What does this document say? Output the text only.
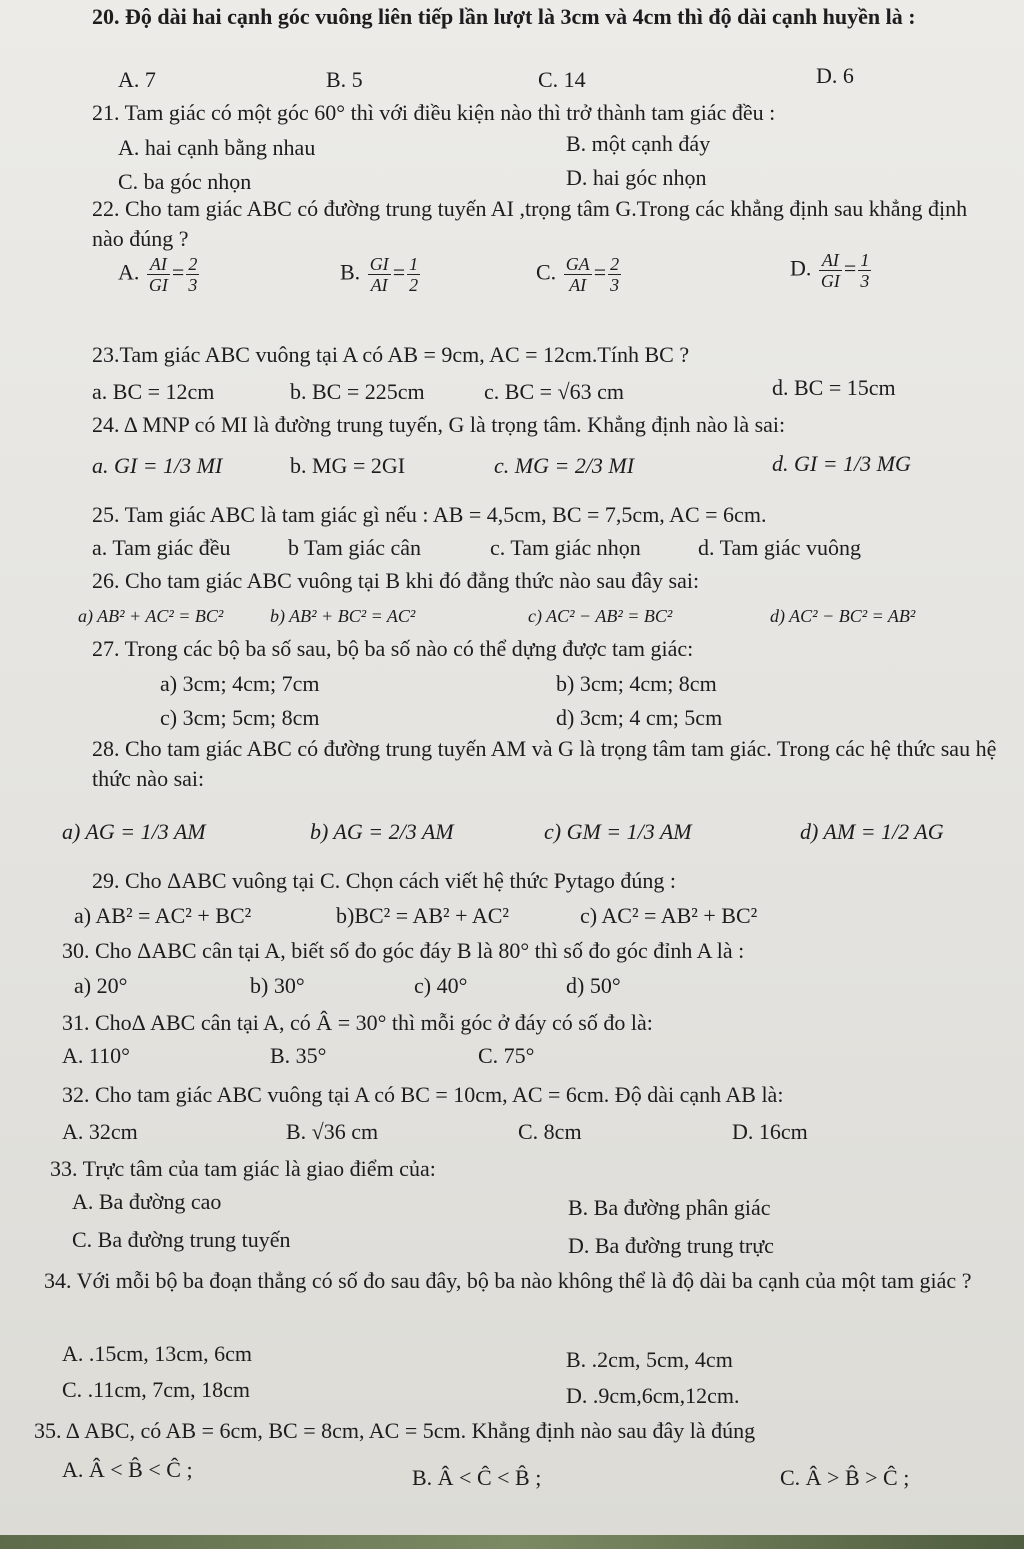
20. Độ dài hai cạnh góc vuông liên tiếp lần lượt là 3cm và 4cm thì độ dài cạnh huyền là :
A. 7	B. 5	C. 14	D. 6
21. Tam giác có một góc 60° thì với điều kiện nào thì trở thành tam giác đều :
A. hai cạnh bằng nhau	B. một cạnh đáy
C. ba góc nhọn	D. hai góc nhọn
22. Cho tam giác ABC có đường trung tuyến AI ,trọng tâm G.Trong các khẳng định sau khẳng định nào đúng ?
A. $\frac{AI}{GI} = \frac{2}{3}$	B. $\frac{GI}{AI} = \frac{1}{2}$	C. $\frac{GA}{AI} = \frac{2}{3}$	D. $\frac{AI}{GI} = \frac{1}{3}$
23.Tam giác ABC vuông tại A có AB = 9cm, AC = 12cm.Tính BC ?
a. BC = 12cm	b. BC = 225cm	c. BC = √63 cm	d. BC = 15cm
24. Δ MNP có MI là đường trung tuyến, G là trọng tâm. Khẳng định nào là sai:
a. GI = 1/3 MI	b. MG = 2GI	c. MG = 2/3 MI	d. GI = 1/3 MG
25. Tam giác ABC là tam giác gì nếu : AB = 4,5cm, BC = 7,5cm, AC = 6cm.
a. Tam giác đều	b Tam giác cân	c. Tam giác nhọn	d. Tam giác vuông
26. Cho tam giác ABC vuông tại B khi đó đẳng thức nào sau đây sai:
a) AB² + AC² = BC²	b) AB² + BC² = AC²	c) AC² − AB² = BC²	d) AC² − BC² = AB²
27. Trong các bộ ba số sau, bộ ba số nào có thể dựng được tam giác:
a) 3cm; 4cm; 7cm	b) 3cm; 4cm; 8cm
c) 3cm; 5cm; 8cm	d) 3cm; 4 cm; 5cm
28. Cho tam giác ABC có đường trung tuyến AM và G là trọng tâm tam giác. Trong các hệ thức sau hệ thức nào sai:
a) AG = 1/3 AM	b) AG = 2/3 AM	c) GM = 1/3 AM	d) AM = 1/2 AG
29. Cho ΔABC vuông tại C. Chọn cách viết hệ thức Pytago đúng :
a) AB² = AC² + BC²	b)BC² = AB² + AC²	c) AC² = AB² + BC²
30. Cho ΔABC cân tại A, biết số đo góc đáy B là 80° thì số đo góc đỉnh A là :
a) 20°	b) 30°	c) 40°	d) 50°
31. ChoΔ ABC cân tại A, có Â = 30° thì mỗi góc ở đáy có số đo là:
A. 110°	B. 35°	C. 75°
32. Cho tam giác ABC vuông tại A có BC = 10cm, AC = 6cm. Độ dài cạnh AB là:
A. 32cm	B. √36 cm	C. 8cm	D. 16cm
33. Trực tâm của tam giác là giao điểm của:
A. Ba đường cao	B. Ba đường phân giác
C. Ba đường trung tuyến	D. Ba đường trung trực
34. Với mỗi bộ ba đoạn thẳng có số đo sau đây, bộ ba nào không thể là độ dài ba cạnh của một tam giác ?
A. .15cm, 13cm, 6cm	B. .2cm, 5cm, 4cm
C. .11cm, 7cm, 18cm	D. .9cm,6cm,12cm.
35. Δ ABC, có AB = 6cm, BC = 8cm, AC = 5cm. Khẳng định nào sau đây là đúng
A. Â < B̂ < Ĉ ;	B. Â < Ĉ < B̂ ;	C. Â > B̂ > Ĉ ;
